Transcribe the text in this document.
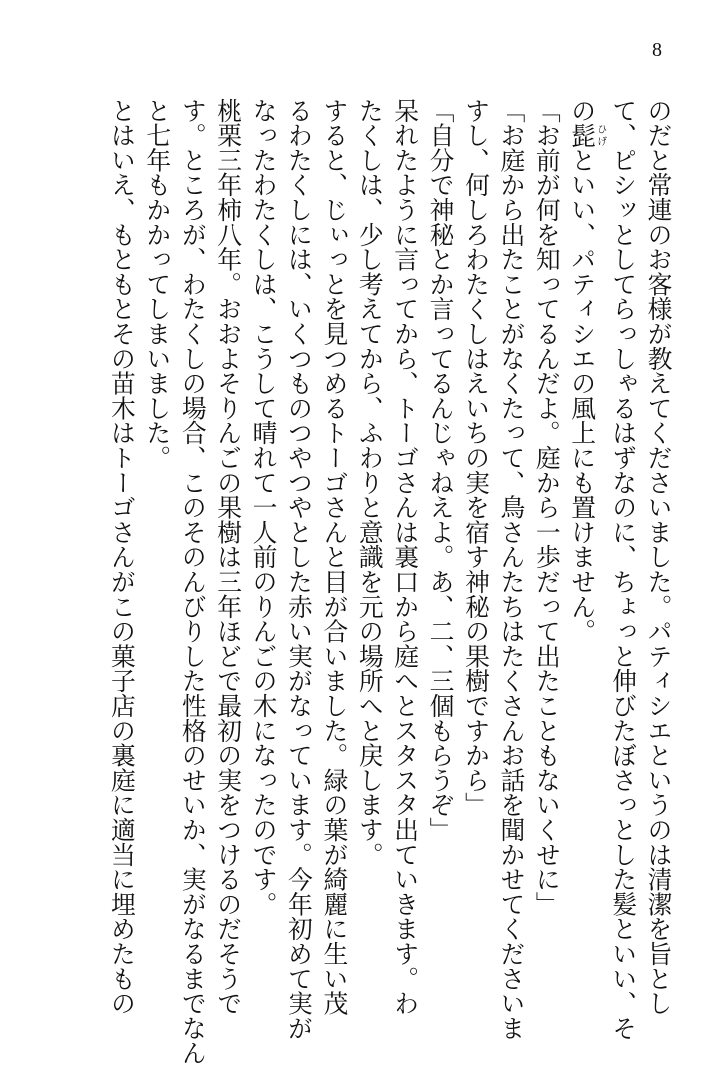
8

のだと常連のお客様が教えてくださいました。パティシエというのは清潔を旨とし

て、ピシッとしてらっしゃるはずなのに、ちょっと伸びたぼさっとした髪といい、そ

の髭ひげといい、パティシエの風上にも置けません。

「お前が何を知ってるんだよ。庭から一歩だって出たこともないくせに」

「お庭から出たことがなくたって、鳥さんたちはたくさんお話を聞かせてくださいま

すし、何しろわたくしはえいちの実を宿す神秘の果樹ですから」

「自分で神秘とか言ってるんじゃねえよ。あ、二、三個もらうぞ」

呆れたように言ってから、トーゴさんは裏口から庭へとスタスタ出ていきます。わ

たくしは、少し考えてから、ふわりと意識を元の場所へと戻します。

すると、じぃっとを見つめるトーゴさんと目が合いました。緑の葉が綺麗に生い茂

るわたくしには、いくつものつやつやとした赤い実がなっています。今年初めて実が

なったわたくしは、こうして晴れて一人前のりんごの木になったのです。

桃栗三年柿八年。おおよそりんごの果樹は三年ほどで最初の実をつけるのだそうで

す。ところが、わたくしの場合、このそのんびりした性格のせいか、実がなるまでなん

と七年もかかってしまいました。

とはいえ、もともとその苗木はトーゴさんがこの菓子店の裏庭に適当に埋めたもの
